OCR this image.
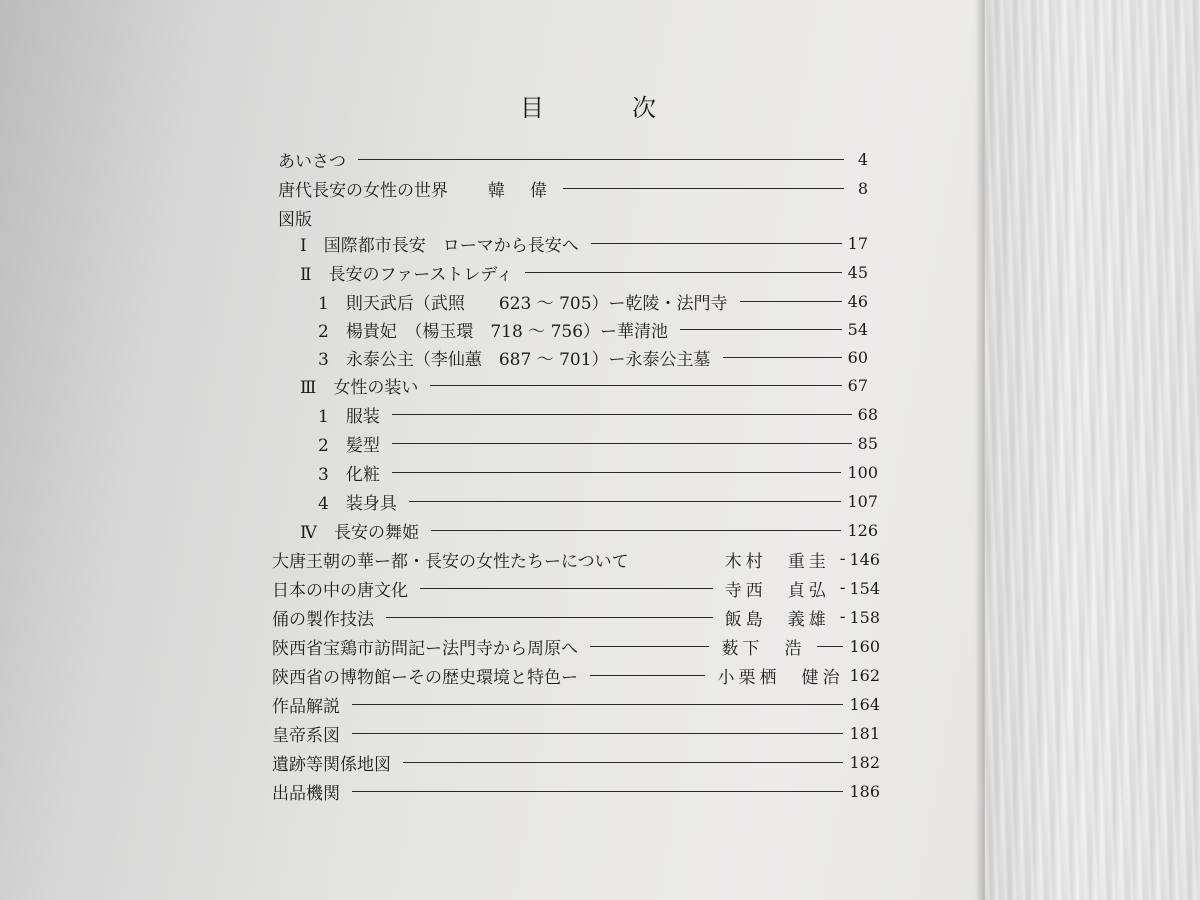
目　次
あいさつ	4
唐代長安の女性の世界	韓　偉	8
図版
Ⅰ　国際都市長安　ローマから長安へ	17
Ⅱ　長安のファーストレディ	45
1　則天武后（武照　　623 ～ 705）ー乾陵・法門寺	46
2　楊貴妃　（楊玉環　718 ～ 756）ー華清池	54
3　永泰公主（李仙蕙　687 ～ 701）ー永泰公主墓	60
Ⅲ　女性の装い	67
1　服装	68
2　髪型	85
3　化粧	100
4　装身具	107
Ⅳ　長安の舞姫	126
大唐王朝の華ー都・長安の女性たちーについて	木村　重圭 - 146
日本の中の唐文化	寺西　貞弘 - 154
俑の製作技法	飯島　義雄 - 158
陝西省宝鶏市訪問記ー法門寺から周原へ	薮下　浩	160
陝西省の博物館ーその歴史環境と特色ー	小栗栖　健治 162
作品解説	164
皇帝系図	181
遺跡等関係地図	182
出品機関	186
